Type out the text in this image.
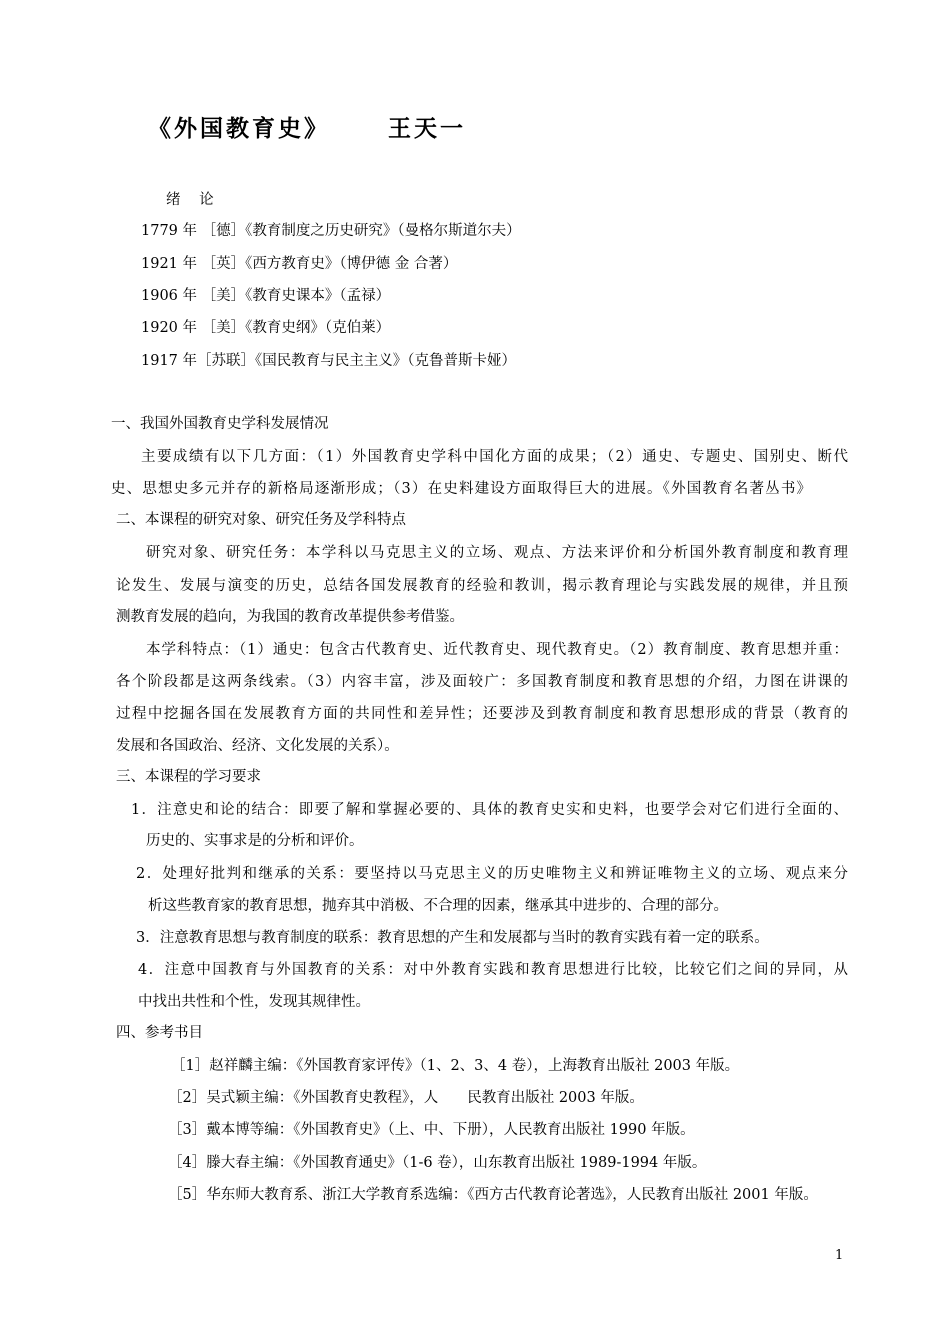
《外国教育史》	王天一
绪 论
1779 年 ［德］《教育制度之历史研究》（曼格尔斯道尔夫）
1921 年 ［英］《西方教育史》（博伊德 金 合著）
1906 年 ［美］《教育史课本》（孟禄）
1920 年 ［美］《教育史纲》（克伯莱）
1917 年［苏联］《国民教育与民主主义》（克鲁普斯卡娅）
一、我国外国教育史学科发展情况
主要成绩有以下几方面：（1）外国教育史学科中国化方面的成果；（2）通史、专题史、国别史、断代
史、思想史多元并存的新格局逐渐形成；（3）在史料建设方面取得巨大的进展。《外国教育名著丛书》
二、本课程的研究对象、研究任务及学科特点
研究对象、研究任务：本学科以马克思主义的立场、观点、方法来评价和分析国外教育制度和教育理
论发生、发展与演变的历史，总结各国发展教育的经验和教训，揭示教育理论与实践发展的规律，并且预
测教育发展的趋向，为我国的教育改革提供参考借鉴。
本学科特点：（1）通史：包含古代教育史、近代教育史、现代教育史。（2）教育制度、教育思想并重：
各个阶段都是这两条线索。（3）内容丰富，涉及面较广：多国教育制度和教育思想的介绍，力图在讲课的
过程中挖掘各国在发展教育方面的共同性和差异性；还要涉及到教育制度和教育思想形成的背景（教育的
发展和各国政治、经济、文化发展的关系）。
三、本课程的学习要求
1．注意史和论的结合：即要了解和掌握必要的、具体的教育史实和史料，也要学会对它们进行全面的、
历史的、实事求是的分析和评价。
2．处理好批判和继承的关系：要坚持以马克思主义的历史唯物主义和辨证唯物主义的立场、观点来分
析这些教育家的教育思想，抛弃其中消极、不合理的因素，继承其中进步的、合理的部分。
3．注意教育思想与教育制度的联系：教育思想的产生和发展都与当时的教育实践有着一定的联系。
4．注意中国教育与外国教育的关系：对中外教育实践和教育思想进行比较，比较它们之间的异同，从
中找出共性和个性，发现其规律性。
四、参考书目
［1］赵祥麟主编：《外国教育家评传》（1、2、3、4 卷），上海教育出版社 2003 年版。
［2］吴式颖主编：《外国教育史教程》，人　　民教育出版社 2003 年版。
［3］戴本博等编：《外国教育史》（上、中、下册），人民教育出版社 1990 年版。
［4］滕大春主编：《外国教育通史》（1-6 卷），山东教育出版社 1989-1994 年版。
［5］华东师大教育系、浙江大学教育系选编：《西方古代教育论著选》，人民教育出版社 2001 年版。
1
